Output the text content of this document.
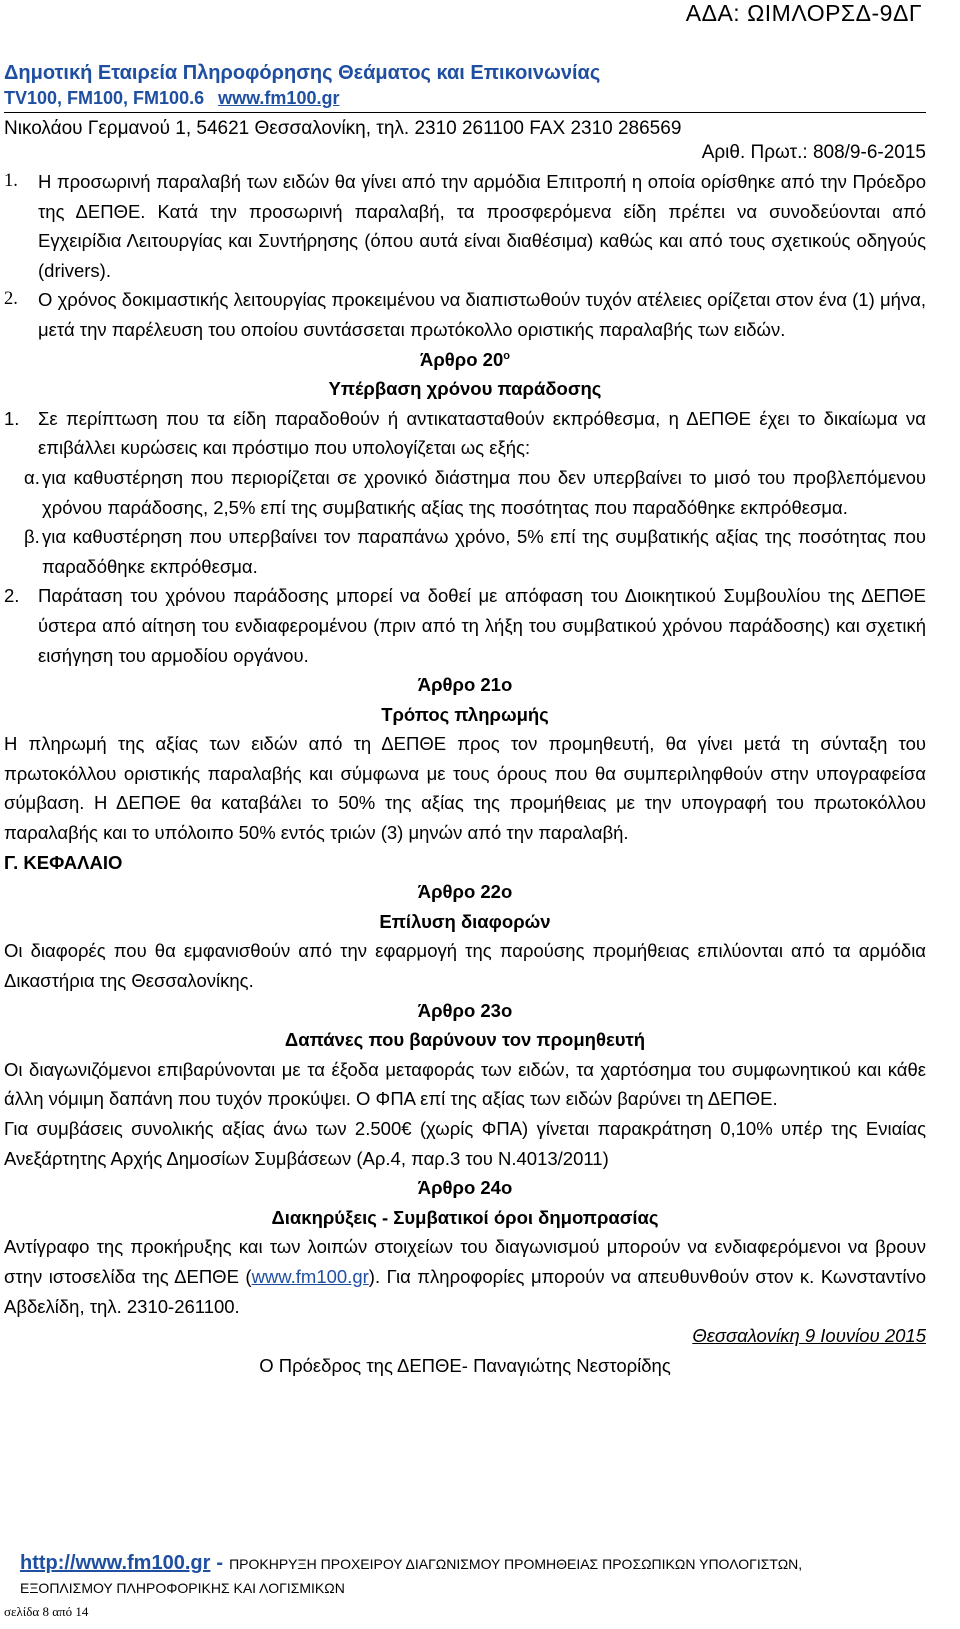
ΑΔΑ: ΩΙΜΛΟΡΣΔ-9ΔΓ
Δημοτική Εταιρεία Πληροφόρησης Θεάματος και Επικοινωνίας
TV100, FM100, FM100.6 www.fm100.gr
Νικολάου Γερμανού 1, 54621 Θεσσαλονίκη, τηλ. 2310 261100 FAX 2310 286569
Αριθ. Πρωτ.: 808/9-6-2015

1. Η προσωρινή παραλαβή των ειδών θα γίνει από την αρμόδια Επιτροπή η οποία ορίσθηκε από την Πρόεδρο της ΔΕΠΘΕ. Κατά την προσωρινή παραλαβή, τα προσφερόμενα είδη πρέπει να συνοδεύονται από Εγχειρίδια Λειτουργίας και Συντήρησης (όπου αυτά είναι διαθέσιμα) καθώς και από τους σχετικούς οδηγούς (drivers).

2. Ο χρόνος δοκιμαστικής λειτουργίας προκειμένου να διαπιστωθούν τυχόν ατέλειες ορίζεται στον ένα (1) μήνα, μετά την παρέλευση του οποίου συντάσσεται πρωτόκολλο οριστικής παραλαβής των ειδών.

Άρθρο $20^o$

Υπέρβαση χρόνου παράδοσης

1. Σε περίπτωση που τα είδη παραδοθούν ή αντικατασταθούν εκπρόθεσμα, η ΔΕΠΘΕ έχει το δικαίωμα να επιβάλλει κυρώσεις και πρόστιμο που υπολογίζεται ως εξής:

α. για καθυστέρηση που περιορίζεται σε χρονικό διάστημα που δεν υπερβαίνει το μισό του προβλεπόμενου χρόνου παράδοσης, 2,5% επί της συμβατικής αξίας της ποσότητας που παραδόθηκε εκπρόθεσμα.

β. για καθυστέρηση που υπερβαίνει τον παραπάνω χρόνο, 5% επί της συμβατικής αξίας της ποσότητας που παραδόθηκε εκπρόθεσμα.

2. Παράταση του χρόνου παράδοσης μπορεί να δοθεί με απόφαση του Διοικητικού Συμβουλίου της ΔΕΠΘΕ ύστερα από αίτηση του ενδιαφερομένου (πριν από τη λήξη του συμβατικού χρόνου παράδοσης) και σχετική εισήγηση του αρμοδίου οργάνου.

Άρθρο 21ο

Τρόπος πληρωμής

Η πληρωμή της αξίας των ειδών από τη ΔΕΠΘΕ προς τον προμηθευτή, θα γίνει μετά τη σύνταξη του πρωτοκόλλου οριστικής παραλαβής και σύμφωνα με τους όρους που θα συμπεριληφθούν στην υπογραφείσα σύμβαση. Η ΔΕΠΘΕ θα καταβάλει το 50% της αξίας της προμήθειας με την υπογραφή του πρωτοκόλλου παραλαβής και το υπόλοιπο 50% εντός τριών (3) μηνών από την παραλαβή.

Γ. ΚΕΦΑΛΑΙΟ

Άρθρο 22ο

Επίλυση διαφορών

Οι διαφορές που θα εμφανισθούν από την εφαρμογή της παρούσης προμήθειας επιλύονται από τα αρμόδια Δικαστήρια της Θεσσαλονίκης.

Άρθρο 23ο

Δαπάνες που βαρύνουν τον προμηθευτή

Οι διαγωνιζόμενοι επιβαρύνονται με τα έξοδα μεταφοράς των ειδών, τα χαρτόσημα του συμφωνητικού και κάθε άλλη νόμιμη δαπάνη που τυχόν προκύψει. Ο ΦΠΑ επί της αξίας των ειδών βαρύνει τη ΔΕΠΘΕ.

Για συμβάσεις συνολικής αξίας άνω των 2.500€ (χωρίς ΦΠΑ) γίνεται παρακράτηση 0,10% υπέρ της Ενιαίας Ανεξάρτητης Αρχής Δημοσίων Συμβάσεων (Αρ.4, παρ.3 του Ν.4013/2011)

Άρθρο 24ο

Διακηρύξεις - Συμβατικοί όροι δημοπρασίας

Αντίγραφο της προκήρυξης και των λοιπών στοιχείων του διαγωνισμού μπορούν να ενδιαφερόμενοι να βρουν στην ιστοσελίδα της ΔΕΠΘΕ (www.fm100.gr). Για πληροφορίες μπορούν να απευθυνθούν στον κ. Κωνσταντίνο Αβδελίδη, τηλ. 2310-261100.

Θεσσαλονίκη 9 Ιουνίου 2015

Ο Πρόεδρος της ΔΕΠΘΕ- Παναγιώτης Νεστορίδης

http://www.fm100.gr - ΠΡΟΚΗΡΥΞΗ ΠΡΟΧΕΙΡΟΥ ΔΙΑΓΩΝΙΣΜΟΥ ΠΡΟΜΗΘΕΙΑΣ ΠΡΟΣΩΠΙΚΩΝ ΥΠΟΛΟΓΙΣΤΩΝ,
ΕΞΟΠΛΙΣΜΟΥ ΠΛΗΡΟΦΟΡΙΚΗΣ ΚΑΙ ΛΟΓΙΣΜΙΚΩΝ
σελίδα 8 από 14
